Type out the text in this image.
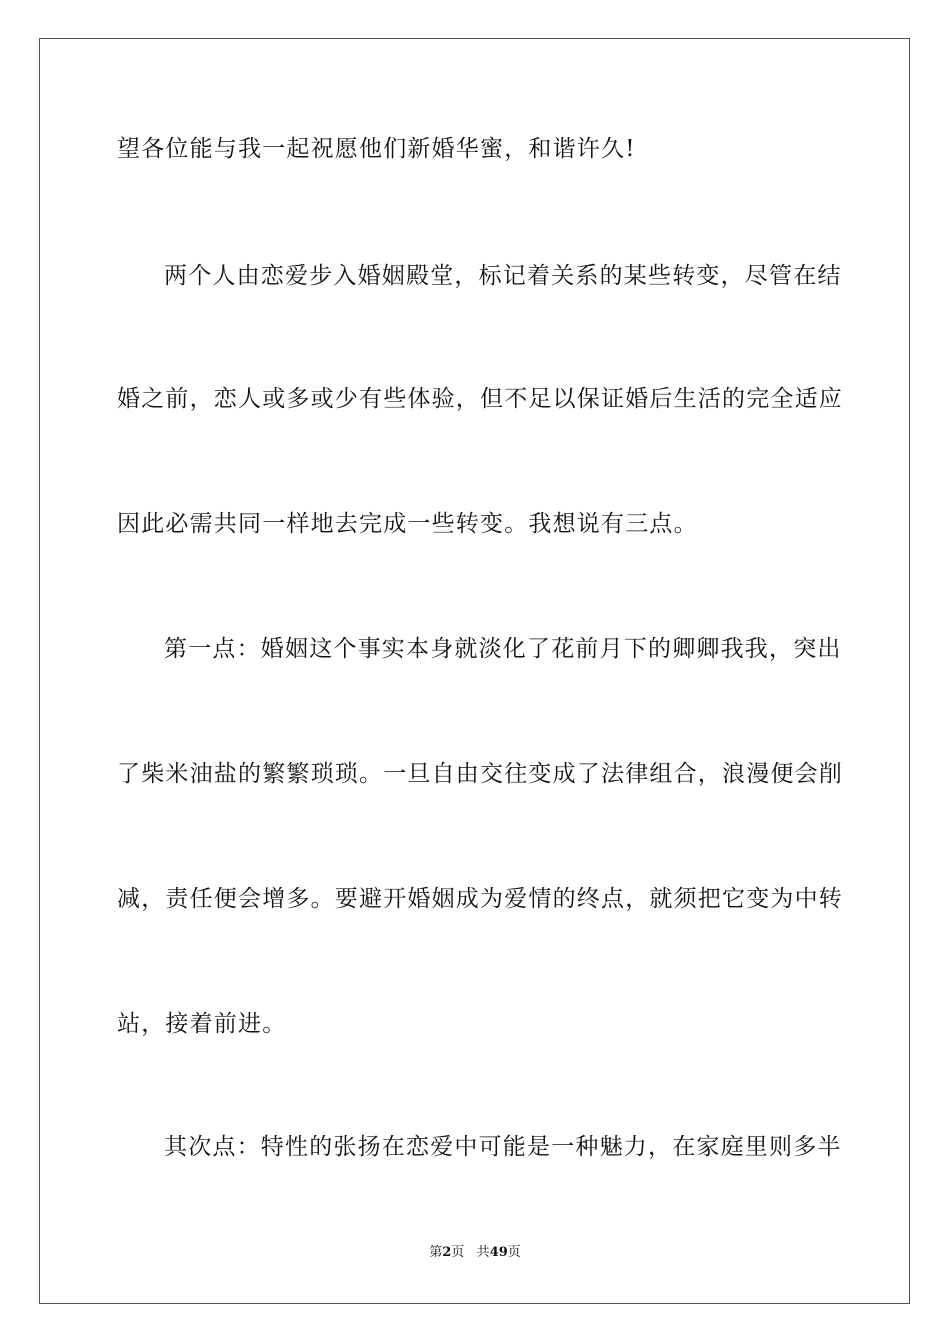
望各位能与我一起祝愿他们新婚华蜜，和谐许久!
两个人由恋爱步入婚姻殿堂，标记着关系的某些转变，尽管在结
婚之前，恋人或多或少有些体验，但不足以保证婚后生活的完全适应
因此必需共同一样地去完成一些转变。我想说有三点。
第一点：婚姻这个事实本身就淡化了花前月下的卿卿我我，突出
了柴米油盐的繁繁琐琐。一旦自由交往变成了法律组合，浪漫便会削
减，责任便会增多。要避开婚姻成为爱情的终点，就须把它变为中转
站，接着前进。
其次点：特性的张扬在恋爱中可能是一种魅力，在家庭里则多半
第2页 共49页
